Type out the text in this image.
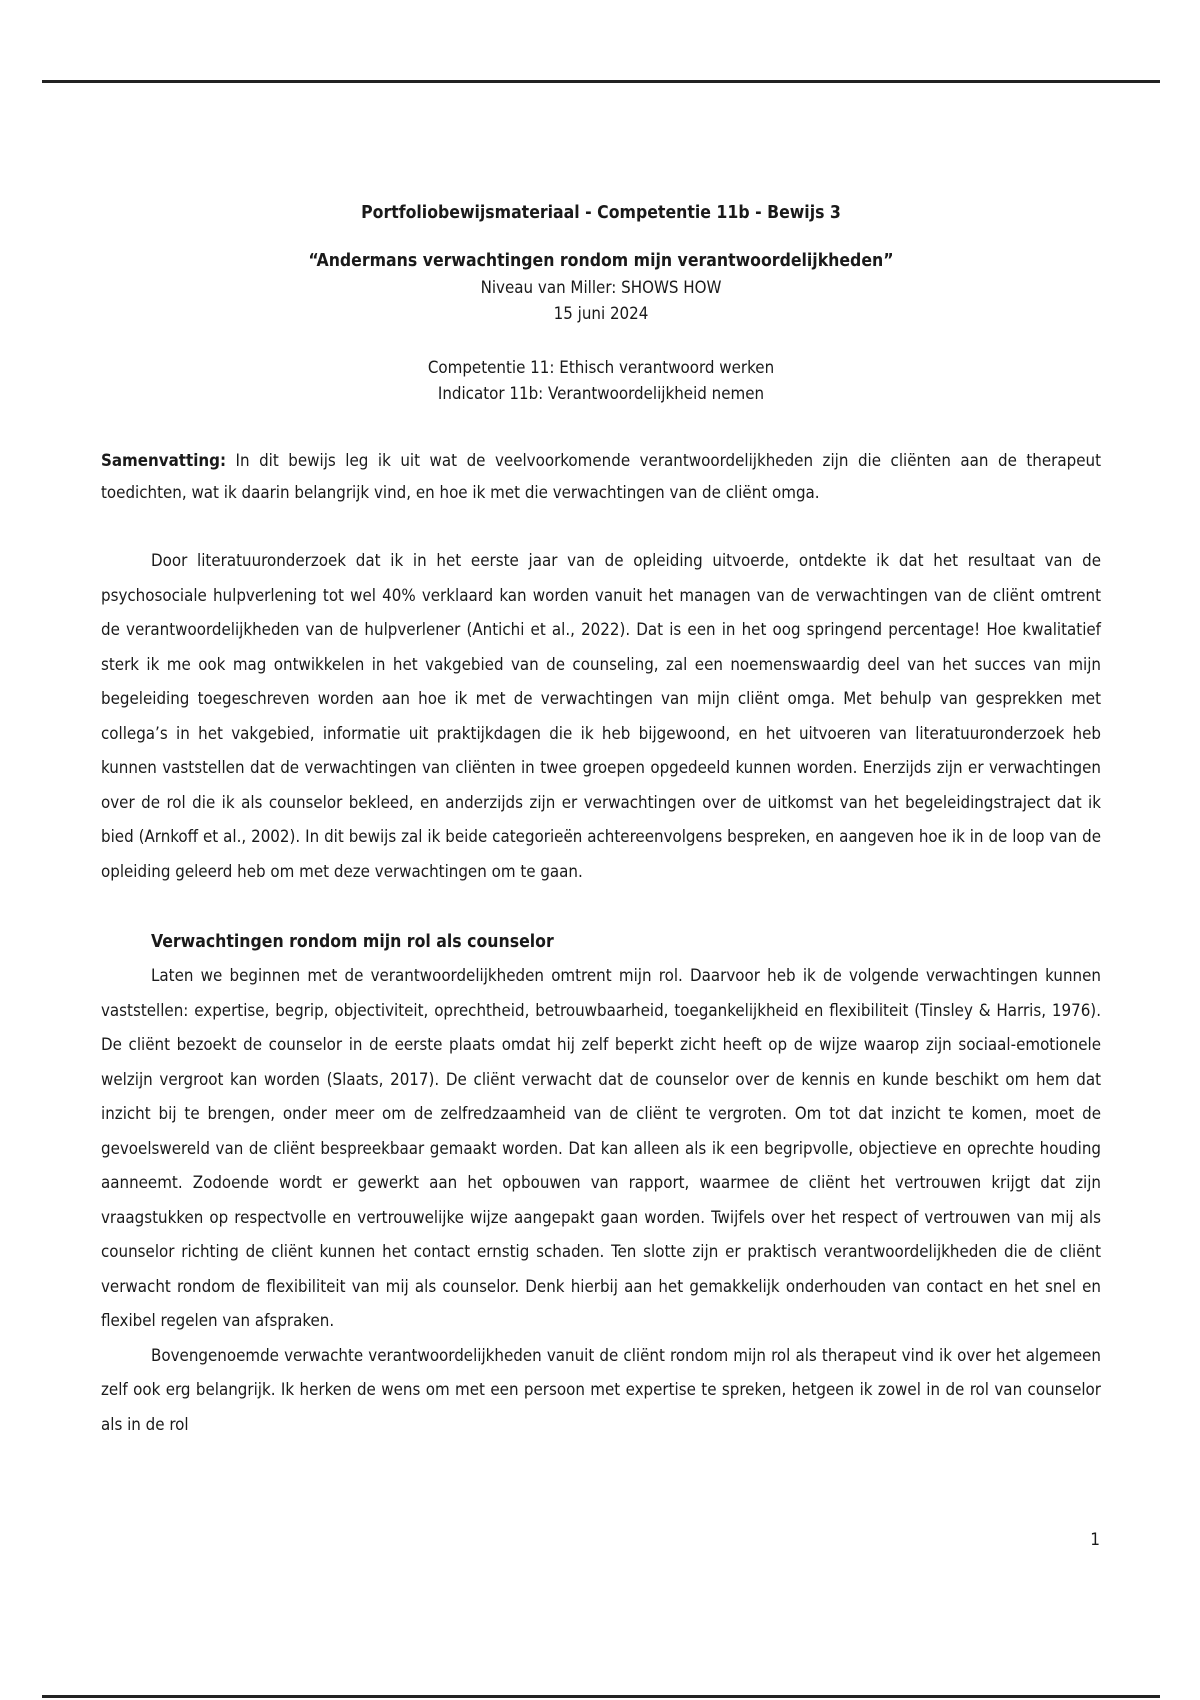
Portfoliobewijsmateriaal - Competentie 11b - Bewijs 3
“Andermans verwachtingen rondom mijn verantwoordelijkheden”
Niveau van Miller: SHOWS HOW
15 juni 2024
Competentie 11: Ethisch verantwoord werken
Indicator 11b: Verantwoordelijkheid nemen
Samenvatting: In dit bewijs leg ik uit wat de veelvoorkomende verantwoordelijkheden zijn die cliënten aan de therapeut toedichten, wat ik daarin belangrijk vind, en hoe ik met die verwachtingen van de cliënt omga.

Door literatuuronderzoek dat ik in het eerste jaar van de opleiding uitvoerde, ontdekte ik dat het resultaat van de psychosociale hulpverlening tot wel 40% verklaard kan worden vanuit het managen van de verwachtingen van de cliënt omtrent de verantwoordelijkheden van de hulpverlener (Antichi et al., 2022). Dat is een in het oog springend percentage! Hoe kwalitatief sterk ik me ook mag ontwikkelen in het vakgebied van de counseling, zal een noemenswaardig deel van het succes van mijn begeleiding toegeschreven worden aan hoe ik met de verwachtingen van mijn cliënt omga. Met behulp van gesprekken met collega’s in het vakgebied, informatie uit praktijkdagen die ik heb bijgewoond, en het uitvoeren van literatuuronderzoek heb kunnen vaststellen dat de verwachtingen van cliënten in twee groepen opgedeeld kunnen worden. Enerzijds zijn er verwachtingen over de rol die ik als counselor bekleed, en anderzijds zijn er verwachtingen over de uitkomst van het begeleidingstraject dat ik bied (Arnkoff et al., 2002). In dit bewijs zal ik beide categorieën achtereenvolgens bespreken, en aangeven hoe ik in de loop van de opleiding geleerd heb om met deze verwachtingen om te gaan.

Verwachtingen rondom mijn rol als counselor

Laten we beginnen met de verantwoordelijkheden omtrent mijn rol. Daarvoor heb ik de volgende verwachtingen kunnen vaststellen: expertise, begrip, objectiviteit, oprechtheid, betrouwbaarheid, toegankelijkheid en flexibiliteit (Tinsley & Harris, 1976). De cliënt bezoekt de counselor in de eerste plaats omdat hij zelf beperkt zicht heeft op de wijze waarop zijn sociaal-emotionele welzijn vergroot kan worden (Slaats, 2017). De cliënt verwacht dat de counselor over de kennis en kunde beschikt om hem dat inzicht bij te brengen, onder meer om de zelfredzaamheid van de cliënt te vergroten. Om tot dat inzicht te komen, moet de gevoelswereld van de cliënt bespreekbaar gemaakt worden. Dat kan alleen als ik een begripvolle, objectieve en oprechte houding aanneemt. Zodoende wordt er gewerkt aan het opbouwen van rapport, waarmee de cliënt het vertrouwen krijgt dat zijn vraagstukken op respectvolle en vertrouwelijke wijze aangepakt gaan worden. Twijfels over het respect of vertrouwen van mij als counselor richting de cliënt kunnen het contact ernstig schaden. Ten slotte zijn er praktisch verantwoordelijkheden die de cliënt verwacht rondom de flexibiliteit van mij als counselor. Denk hierbij aan het gemakkelijk onderhouden van contact en het snel en flexibel regelen van afspraken.

Bovengenoemde verwachte verantwoordelijkheden vanuit de cliënt rondom mijn rol als therapeut vind ik over het algemeen zelf ook erg belangrijk. Ik herken de wens om met een persoon met expertise te spreken, hetgeen ik zowel in de rol van counselor als in de rol

1
